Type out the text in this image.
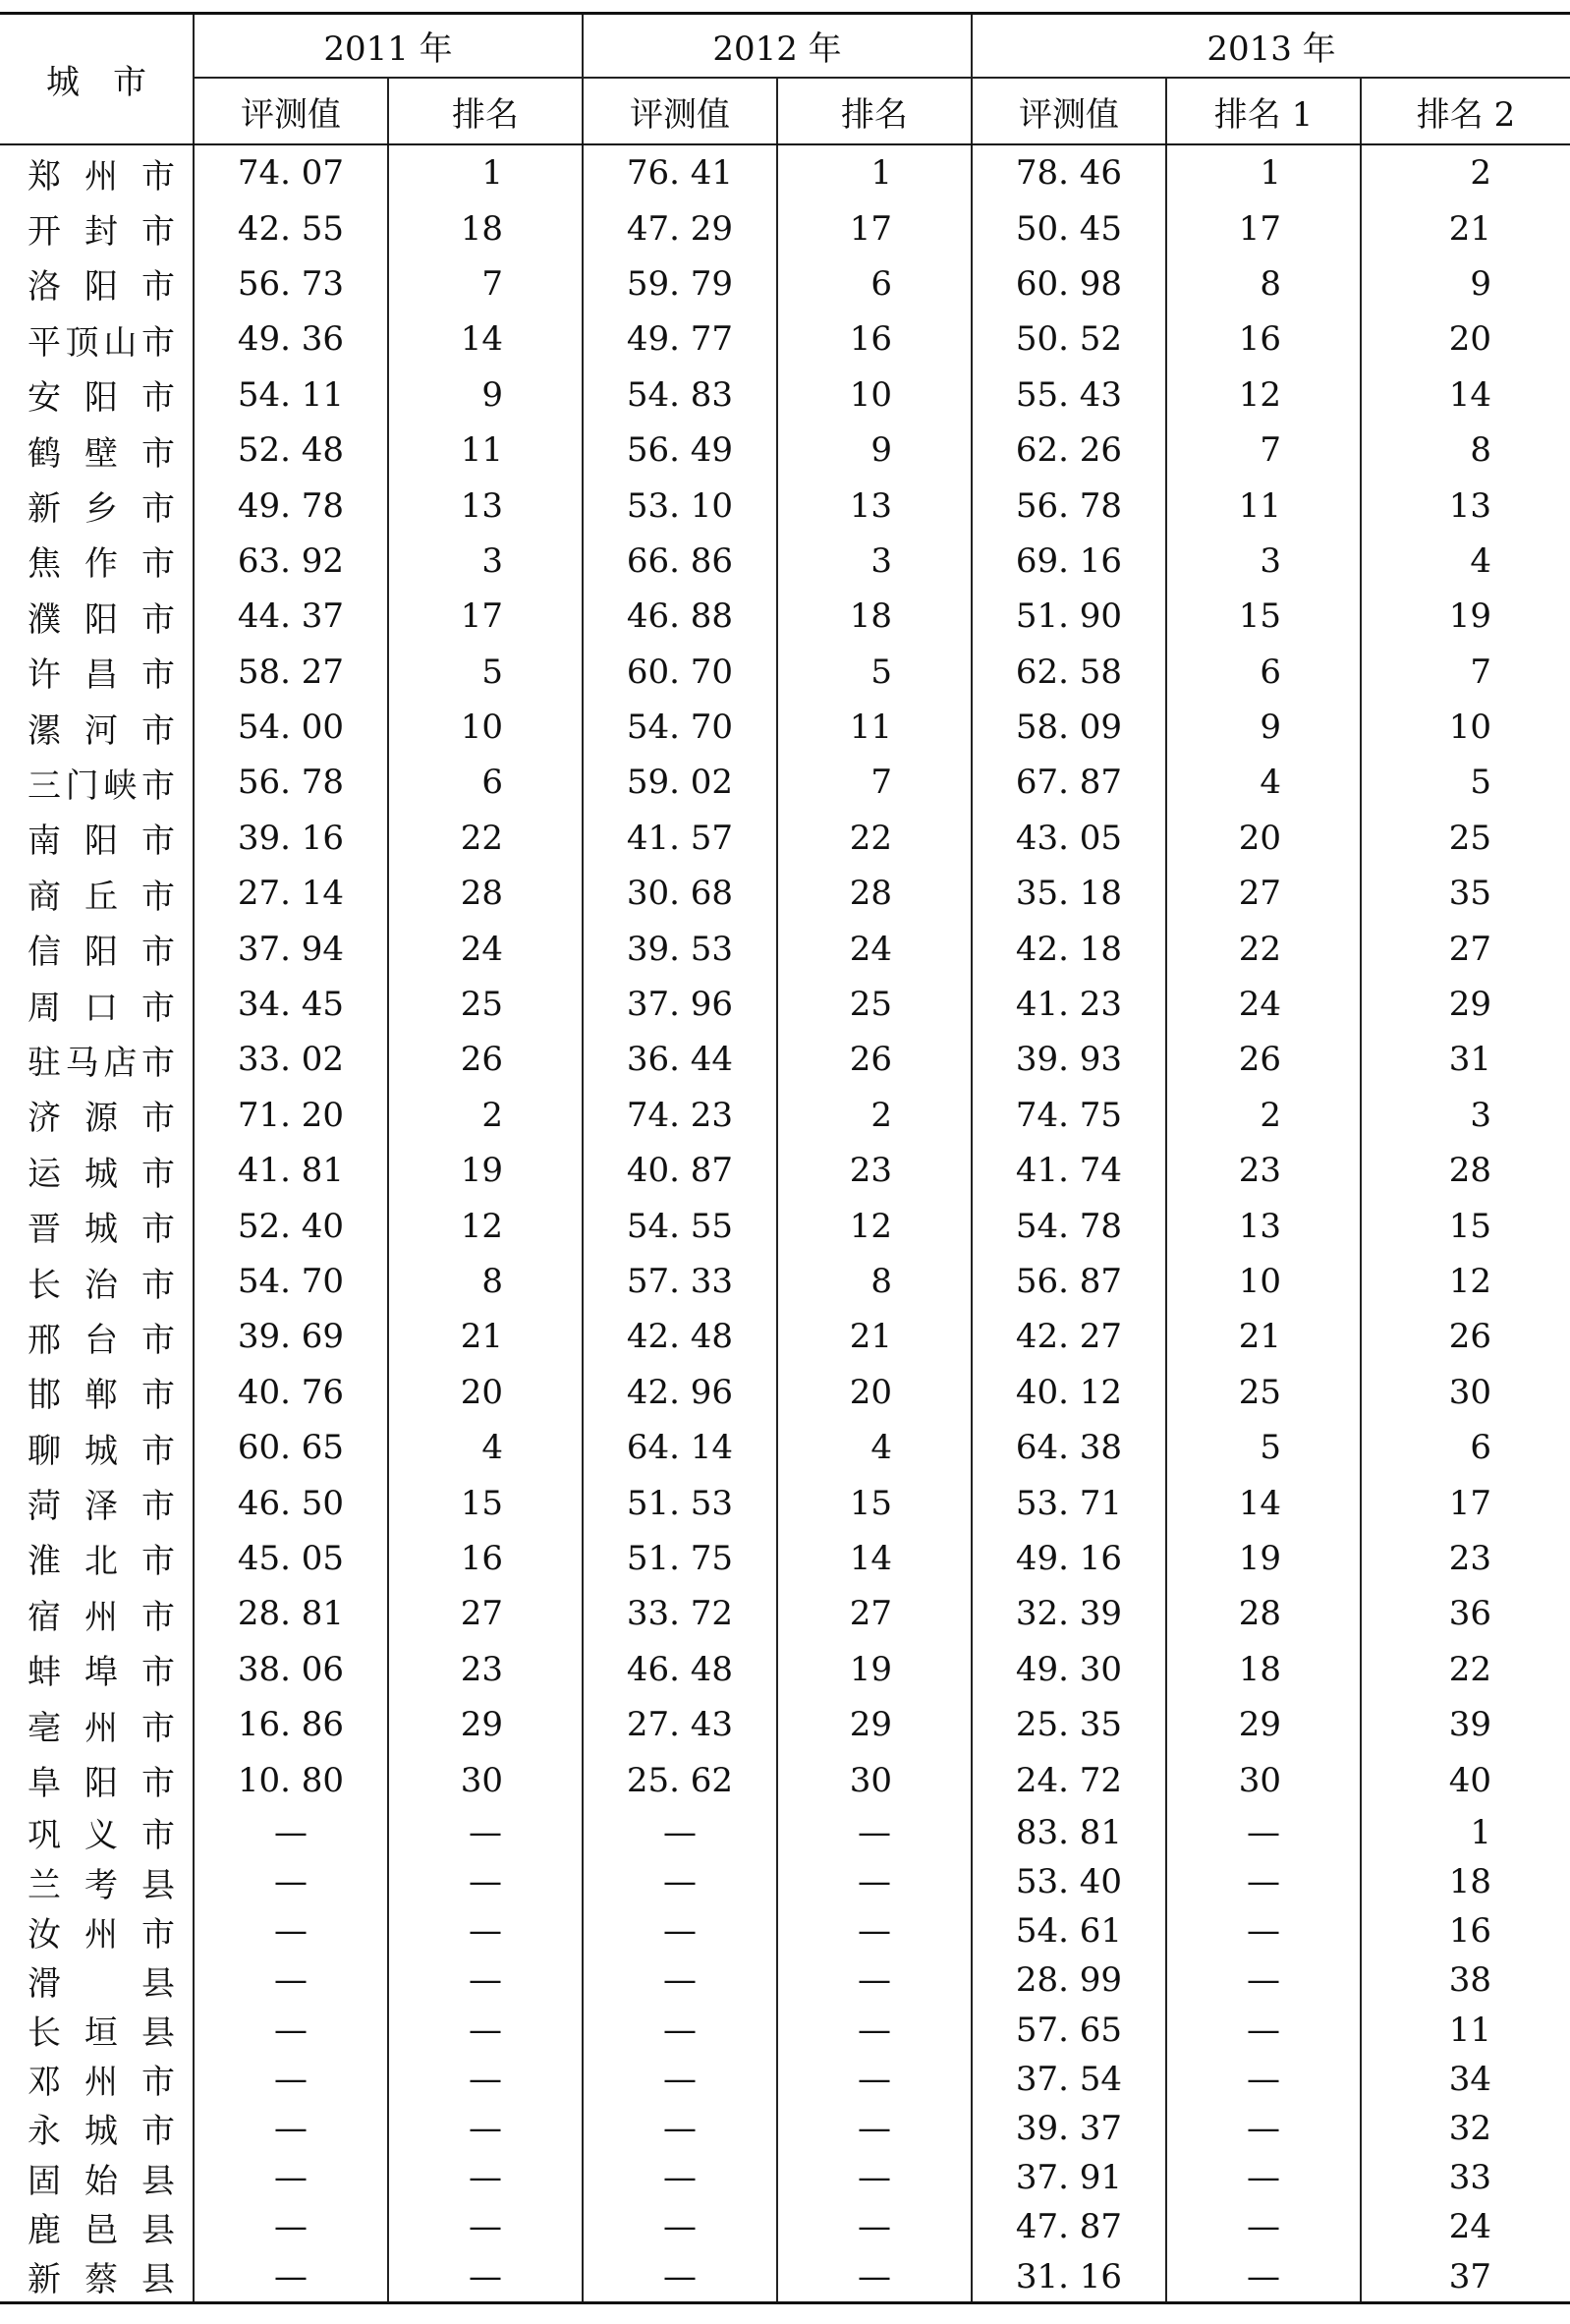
城　市	2011 年		2012 年		2013 年		
	评测值	排名	评测值	排名	评测值	排名 1	排名 2
郑州市	74. 07	1	76. 41	1	78. 46	1	2
开封市	42. 55	18	47. 29	17	50. 45	17	21
洛阳市	56. 73	7	59. 79	6	60. 98	8	9
平顶山市	49. 36	14	49. 77	16	50. 52	16	20
安阳市	54. 11	9	54. 83	10	55. 43	12	14
鹤壁市	52. 48	11	56. 49	9	62. 26	7	8
新乡市	49. 78	13	53. 10	13	56. 78	11	13
焦作市	63. 92	3	66. 86	3	69. 16	3	4
濮阳市	44. 37	17	46. 88	18	51. 90	15	19
许昌市	58. 27	5	60. 70	5	62. 58	6	7
漯河市	54. 00	10	54. 70	11	58. 09	9	10
三门峡市	56. 78	6	59. 02	7	67. 87	4	5
南阳市	39. 16	22	41. 57	22	43. 05	20	25
商丘市	27. 14	28	30. 68	28	35. 18	27	35
信阳市	37. 94	24	39. 53	24	42. 18	22	27
周口市	34. 45	25	37. 96	25	41. 23	24	29
驻马店市	33. 02	26	36. 44	26	39. 93	26	31
济源市	71. 20	2	74. 23	2	74. 75	2	3
运城市	41. 81	19	40. 87	23	41. 74	23	28
晋城市	52. 40	12	54. 55	12	54. 78	13	15
长治市	54. 70	8	57. 33	8	56. 87	10	12
邢台市	39. 69	21	42. 48	21	42. 27	21	26
邯郸市	40. 76	20	42. 96	20	40. 12	25	30
聊城市	60. 65	4	64. 14	4	64. 38	5	6
菏泽市	46. 50	15	51. 53	15	53. 71	14	17
淮北市	45. 05	16	51. 75	14	49. 16	19	23
宿州市	28. 81	27	33. 72	27	32. 39	28	36
蚌埠市	38. 06	23	46. 48	19	49. 30	18	22
亳州市	16. 86	29	27. 43	29	25. 35	29	39
阜阳市	10. 80	30	25. 62	30	24. 72	30	40
巩义市	—	—	—	—	83. 81	—	1
兰考县	—	—	—	—	53. 40	—	18
汝州市	—	—	—	—	54. 61	—	16
滑　县	—	—	—	—	28. 99	—	38
长垣县	—	—	—	—	57. 65	—	11
邓州市	—	—	—	—	37. 54	—	34
永城市	—	—	—	—	39. 37	—	32
固始县	—	—	—	—	37. 91	—	33
鹿邑县	—	—	—	—	47. 87	—	24
新蔡县	—	—	—	—	31. 16	—	37
